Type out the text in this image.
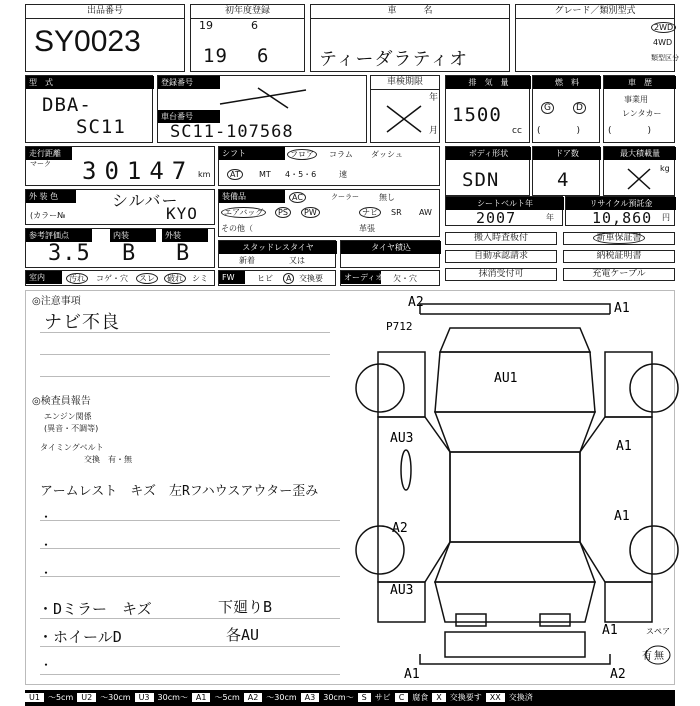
出品番号
SY0023
初年度登録
19	6
19 6
車　　　名
ティーダラティオ
グレード／類別型式
2WD
4WD
類型区分
型　式
DBA-
SC11
登録番号
車台番号
SC11-107568
車検期限
年
月
排　気　量
1500
cc
燃　料
G	D
(　　　　)
車　歴
事業用
レンタカー
(　　　　)
走行距離
マーク 30147 km
シフト	フロア	コラム ダッシュ
AT	MT 4・5・6	速
ボディ形状
SDN
ドア数
4
最大積載量
kg
外 装 色
(カラー№
シルバー
KYO
装備品	AC	クーラー	無し
エアバッグ	PS	PW	ナビ	SR AW
その他（	革張
シートベルト年
2007	年
リサイクル預託金
10,860 円
参考評価点	内装	外装
3.5 B B	スタッドレスタイヤ
新着	又は
タイヤ積込
搬入時査板付	新車保証書
自動承認請求	納税証明書
抹消受付可	充電ケーブル
室内	汚れ	コゲ・穴	スレ	破れ	シミ	FW	ヒビ	A 交換要	オーディオ 欠・穴
◎注意事項
ナビ不良
◎検査員報告
エンジン関係
(異音・不調等)
タイミングベルト
交換　有・無
アームレスト　キズ　左Rフハウスアウター歪み
・
・
・
・Dミラー　キズ	下廻りB
・ホイールD	各AU
・
A2	A1
P712
AU1
AU3
A1
A2
A1
AU3
A1
A1	A2
スペア
有 無
U1 ～5cm U2 ～30cm U3 30cm～ A1 ～5cm A2 ～30cm A3 30cm～ S サビ C 腐食 X 交換要す XX 交換済
